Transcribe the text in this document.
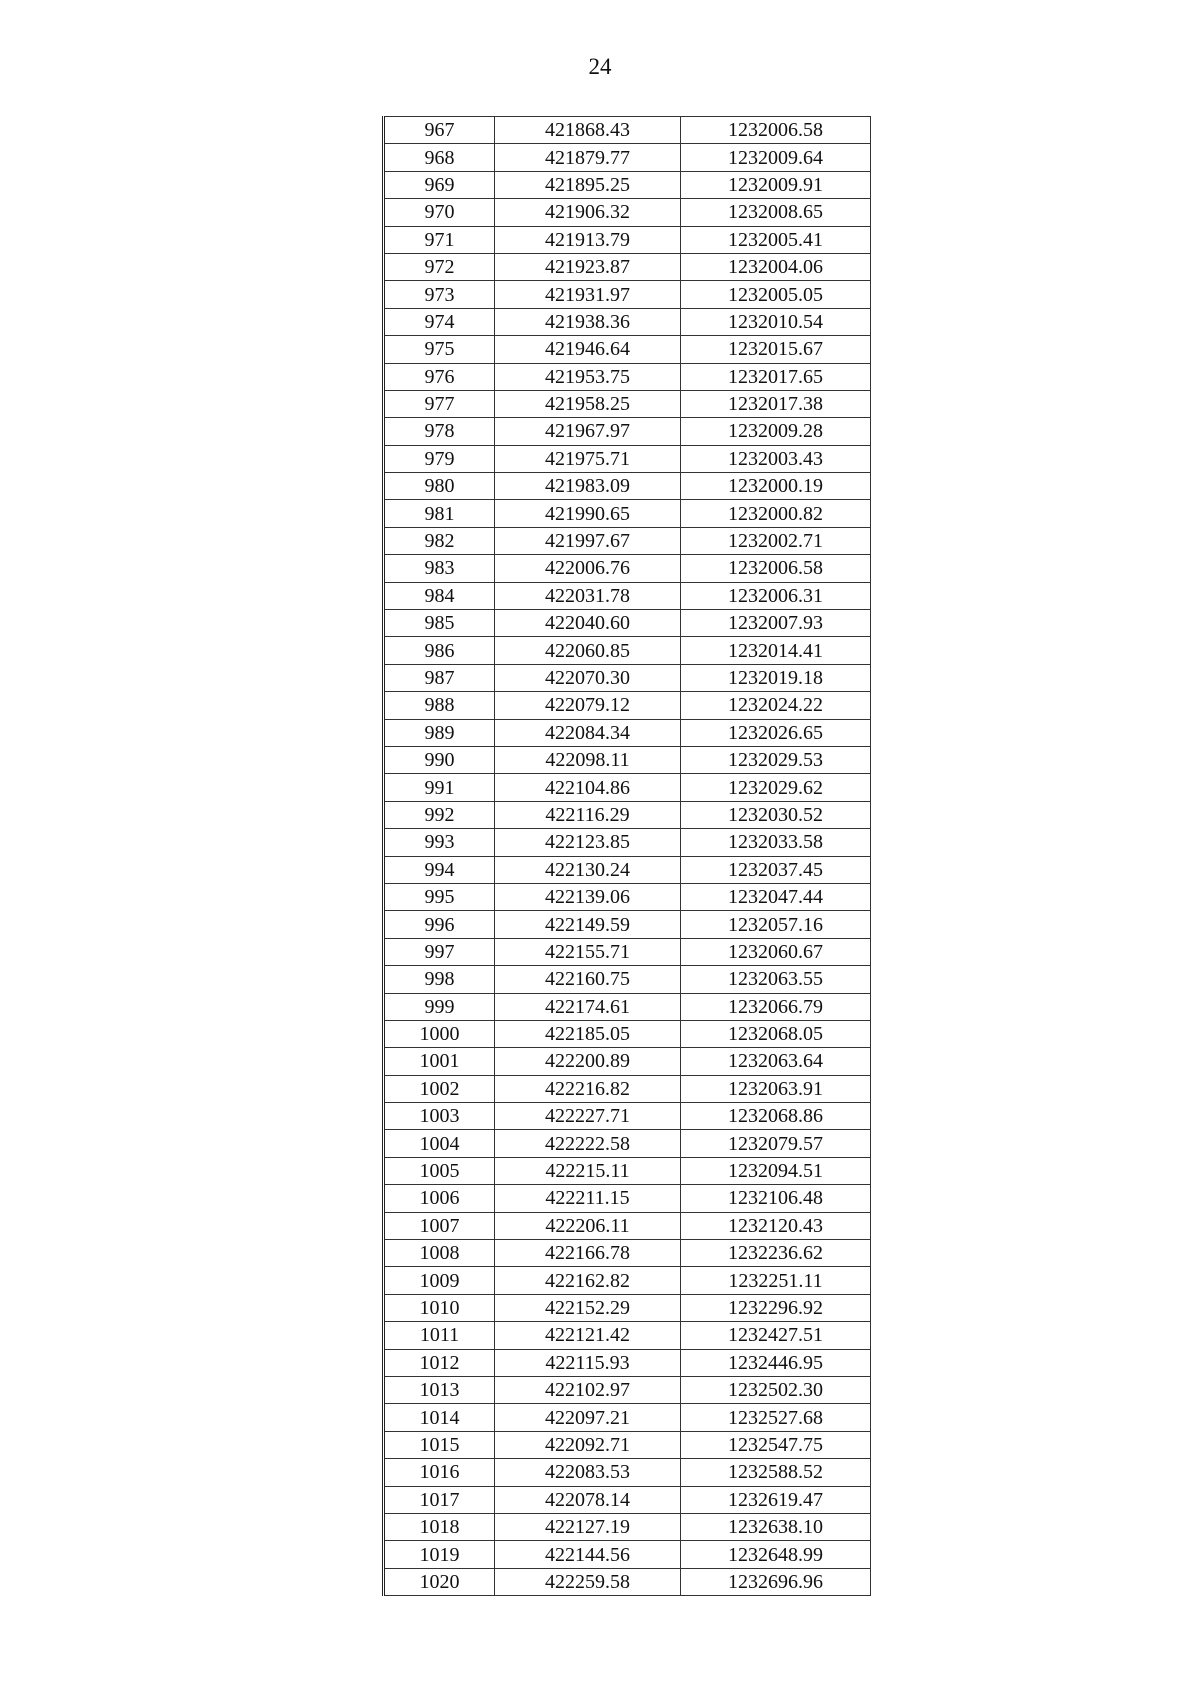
24
967	421868.43	1232006.58
968	421879.77	1232009.64
969	421895.25	1232009.91
970	421906.32	1232008.65
971	421913.79	1232005.41
972	421923.87	1232004.06
973	421931.97	1232005.05
974	421938.36	1232010.54
975	421946.64	1232015.67
976	421953.75	1232017.65
977	421958.25	1232017.38
978	421967.97	1232009.28
979	421975.71	1232003.43
980	421983.09	1232000.19
981	421990.65	1232000.82
982	421997.67	1232002.71
983	422006.76	1232006.58
984	422031.78	1232006.31
985	422040.60	1232007.93
986	422060.85	1232014.41
987	422070.30	1232019.18
988	422079.12	1232024.22
989	422084.34	1232026.65
990	422098.11	1232029.53
991	422104.86	1232029.62
992	422116.29	1232030.52
993	422123.85	1232033.58
994	422130.24	1232037.45
995	422139.06	1232047.44
996	422149.59	1232057.16
997	422155.71	1232060.67
998	422160.75	1232063.55
999	422174.61	1232066.79
1000	422185.05	1232068.05
1001	422200.89	1232063.64
1002	422216.82	1232063.91
1003	422227.71	1232068.86
1004	422222.58	1232079.57
1005	422215.11	1232094.51
1006	422211.15	1232106.48
1007	422206.11	1232120.43
1008	422166.78	1232236.62
1009	422162.82	1232251.11
1010	422152.29	1232296.92
1011	422121.42	1232427.51
1012	422115.93	1232446.95
1013	422102.97	1232502.30
1014	422097.21	1232527.68
1015	422092.71	1232547.75
1016	422083.53	1232588.52
1017	422078.14	1232619.47
1018	422127.19	1232638.10
1019	422144.56	1232648.99
1020	422259.58	1232696.96
